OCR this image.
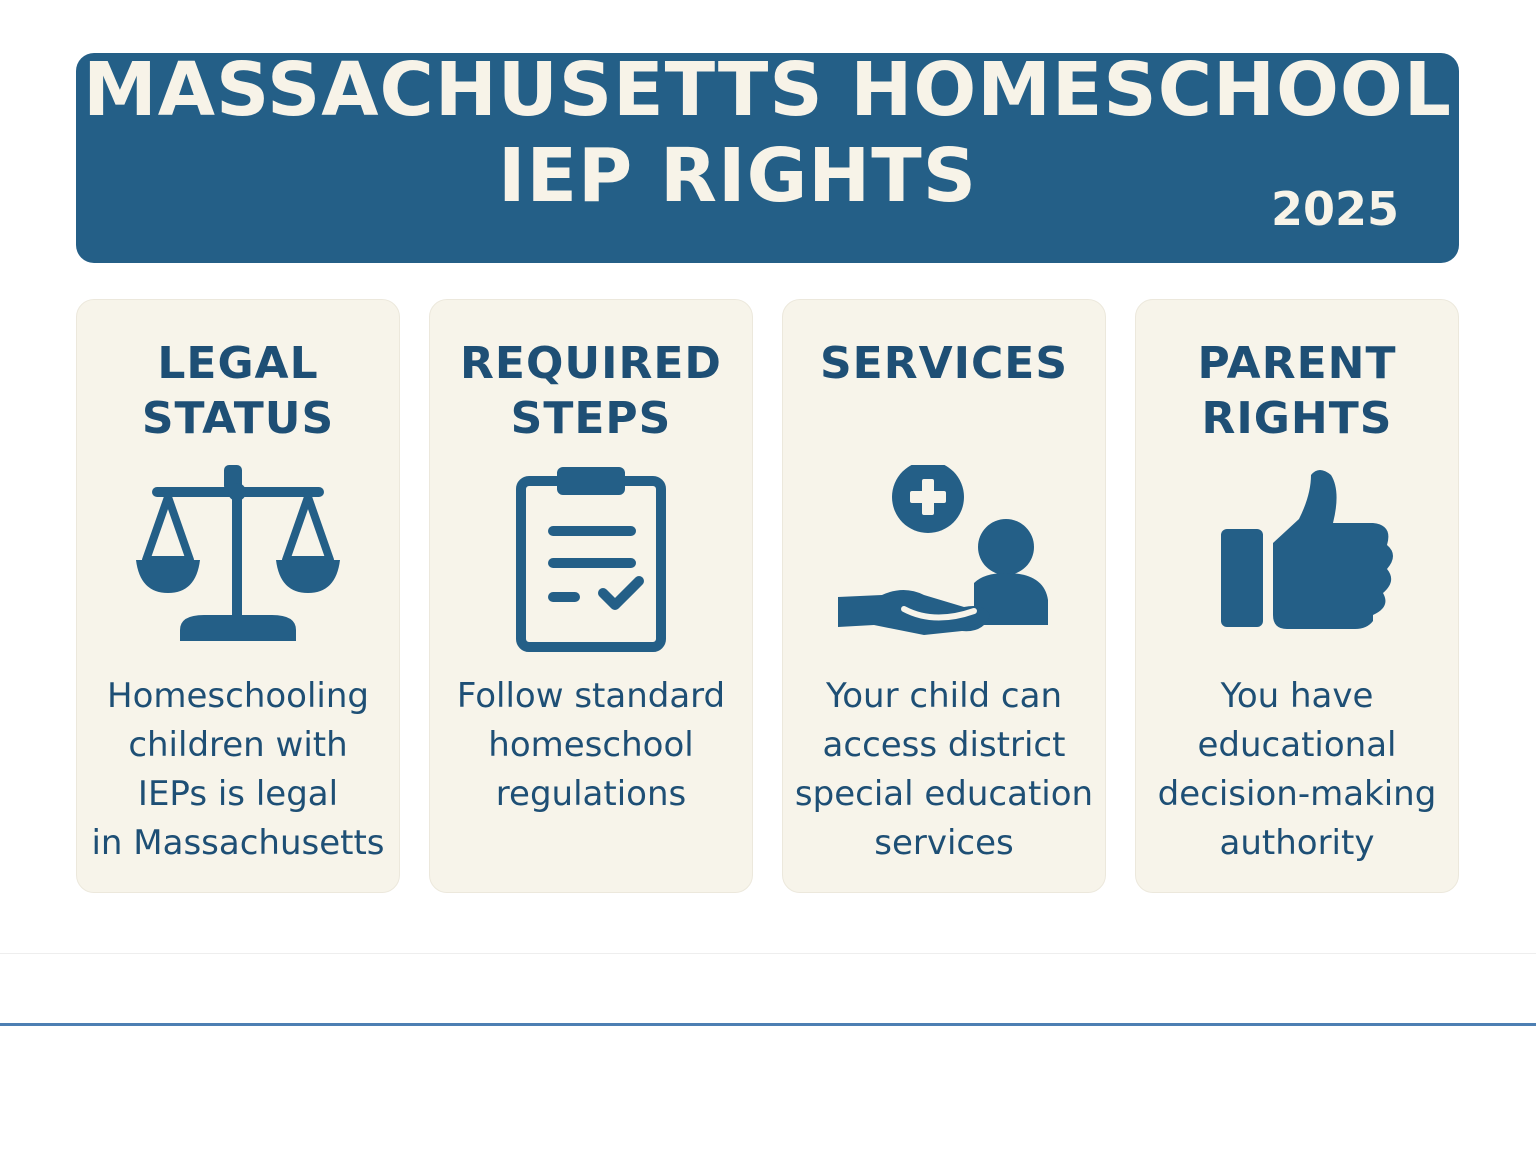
MASSACHUSETTS HOMESCHOOL
IEP RIGHTS	2025
LEGAL
STATUS
Homeschooling
children with
IEPs is legal
in Massachusetts
REQUIRED
STEPS
Follow standard
homeschool
regulations
SERVICES
Your child can
access district
special education
services
PARENT
RIGHTS
You have
educational
decision-making
authority
